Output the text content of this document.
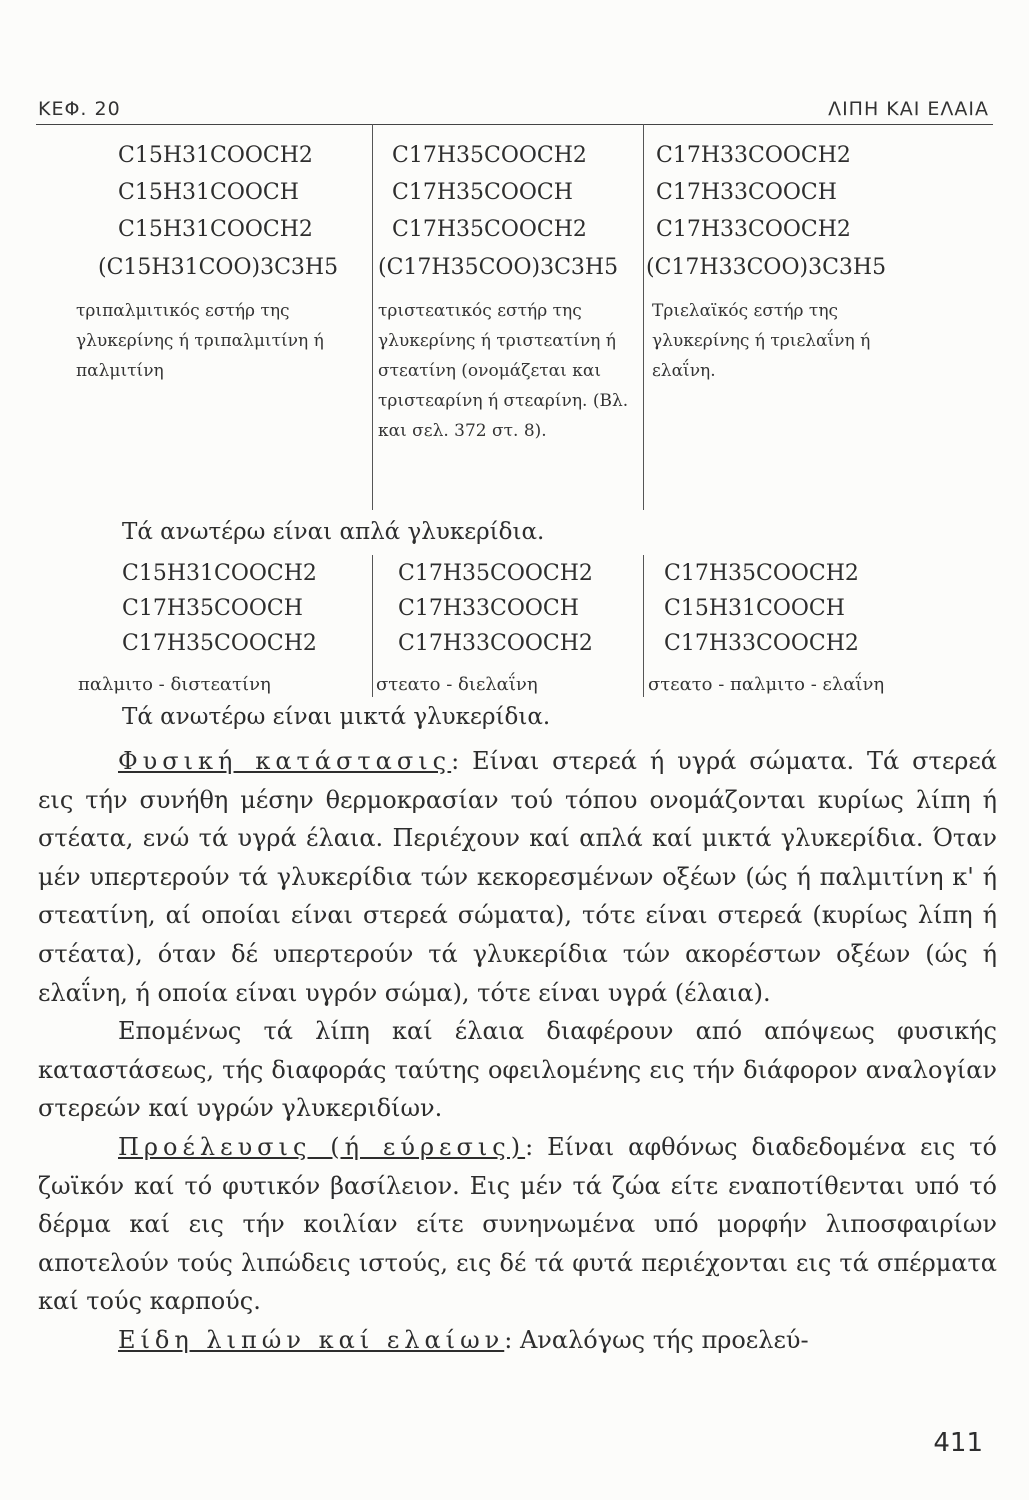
ΚΕΦ. 20	ΛΙΠΗ ΚΑΙ ΕΛΑΙΑ
C15H31COOCH2
C15H31COOCH
C15H31COOCH2
(C15H31COO)3C3H5
τριπαλμιτικός εστήρ της γλυκερίνης ή τριπαλμιτίνη ή παλμιτίνη
C17H35COOCH2
C17H35COOCH
C17H35COOCH2
(C17H35COO)3C3H5
τριστεατικός εστήρ της γλυκερίνης ή τριστεατίνη ή στεατίνη (ονομάζεται και τριστεαρίνη ή στεαρίνη. (Βλ. και σελ. 372 στ. 8).
C17H33COOCH2
C17H33COOCH
C17H33COOCH2
(C17H33COO)3C3H5
Τριελαϊκός εστήρ της γλυκερίνης ή τριελαΐνη ή ελαΐνη.
Τά ανωτέρω είναι απλά γλυκερίδια.
C15H31COOCH2
C17H35COOCH
C17H35COOCH2
παλμιτο - διστεατίνη
C17H35COOCH2
C17H33COOCH
C17H33COOCH2
στεατο - διελαΐνη
C17H35COOCH2
C15H31COOCH
C17H33COOCH2
στεατο - παλμιτο - ελαΐνη
Τά ανωτέρω είναι μικτά γλυκερίδια.

Φυσική κατάστασις: Είναι στερεά ή υγρά σώματα. Τά στερεά εις τήν συνήθη μέσην θερμοκρασίαν τού τόπου ονομάζονται κυρίως λίπη ή στέατα, ενώ τά υγρά έλαια. Περιέχουν καί απλά καί μικτά γλυκερίδια. Όταν μέν υπερτερούν τά γλυκερίδια τών κεκορεσμένων οξέων (ώς ή παλμιτίνη κ' ή στεατίνη, αί οποίαι είναι στερεά σώματα), τότε είναι στερεά (κυρίως λίπη ή στέατα), όταν δέ υπερτερούν τά γλυκερίδια τών ακορέστων οξέων (ώς ή ελαΐνη, ή οποία είναι υγρόν σώμα), τότε είναι υγρά (έλαια).

Επομένως τά λίπη καί έλαια διαφέρουν από απόψεως φυσικής καταστάσεως, τής διαφοράς ταύτης οφειλομένης εις τήν διάφορον αναλογίαν στερεών καί υγρών γλυκεριδίων.

Προέλευσις (ή εύρεσις): Είναι αφθόνως διαδεδομένα εις τό ζωϊκόν καί τό φυτικόν βασίλειον. Εις μέν τά ζώα είτε εναποτίθενται υπό τό δέρμα καί εις τήν κοιλίαν είτε συνηνωμένα υπό μορφήν λιποσφαιρίων αποτελούν τούς λιπώδεις ιστούς, εις δέ τά φυτά περιέχονται εις τά σπέρματα καί τούς καρπούς.

Είδη λιπών καί ελαίων: Αναλόγως τής προελεύ-

411
